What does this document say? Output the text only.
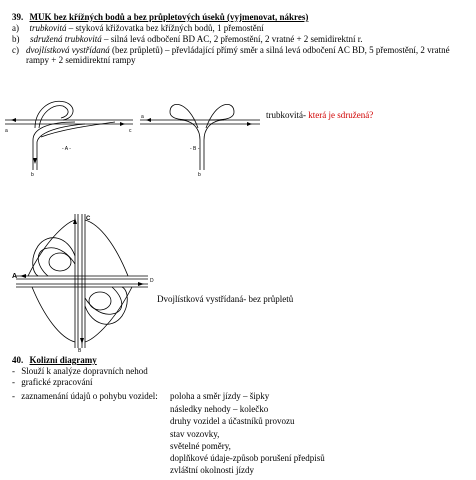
39. MUK bez křížných bodů a bez průpletových úseků (vyjmenovat, nákres)
a) trubkovitá – styková křižovatka bez křížných bodů, 1 přemostění
b) sdružená trubkovitá – silná levá odbočení BD AC, 2 přemostění, 2 vratné + 2 semidirektní r.
c) dvojlístková vystřídaná (bez průpletů) – převládající přímý směr a silná levá odbočení AC BD, 5 přemostění, 2 vratné rampy + 2 semidirektní rampy
a
b
c
- A -
a
b
- B -
trubkovitá- která je sdružená?
A
B
C
D
Dvojlístková vystřídaná- bez průpletů
40. Kolizní diagramy
- Slouží k analýze dopravních nehod
- grafické zpracování
- zaznamenání údajů o pohybu vozidel: poloha a směr jízdy – šipky
následky nehody – kolečko
druhy vozidel a účastníků provozu
stav vozovky,
světelné poměry,
doplňkové údaje-způsob porušení předpisů
zvláštní okolnosti jízdy
